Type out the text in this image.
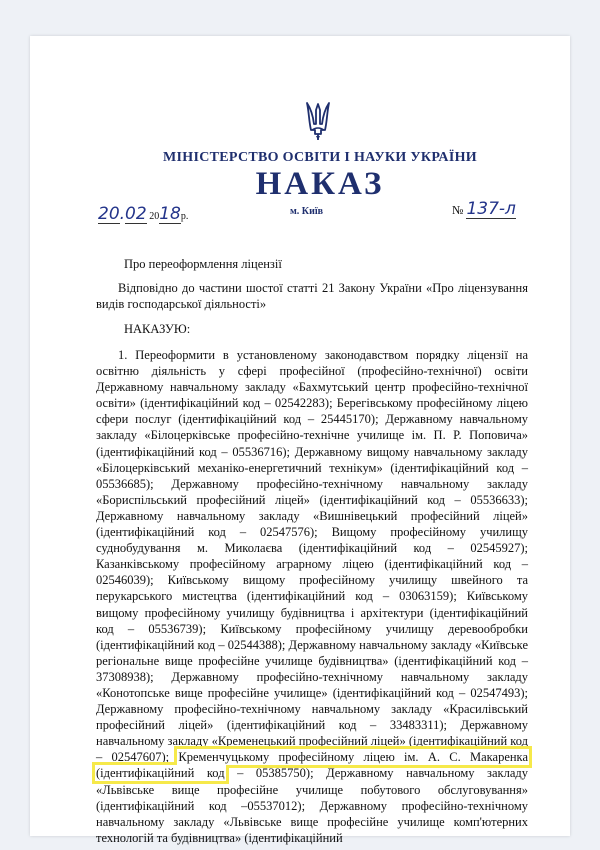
МІНІСТЕРСТВО ОСВІТИ І НАУКИ УКРАЇНИ
НАКАЗ
20.02 2018р.	м. Київ	№ 137-л
Про переоформлення ліцензії
Відповідно до частини шостої статті 21 Закону України «Про ліцензування видів господарської діяльності»
НАКАЗУЮ:
1. Переоформити в установленому законодавством порядку ліцензії на освітню діяльність у сфері професійної (професійно-технічної) освіти Державному навчальному закладу «Бахмутський центр професійно-технічної освіти» (ідентифікаційний код – 02542283); Берегівському професійному ліцею сфери послуг (ідентифікаційний код – 25445170); Державному навчальному закладу «Білоцерківське професійно-технічне училище ім. П. Р. Поповича» (ідентифікаційний код – 05536716); Державному вищому навчальному закладу «Білоцерківський механіко-енергетичний технікум» (ідентифікаційний код – 05536685); Державному професійно-технічному навчальному закладу «Бориспільський професійний ліцей» (ідентифікаційний код – 05536633); Державному навчальному закладу «Вишнівецький професійний ліцей» (ідентифікаційний код – 02547576); Вищому професійному училищу суднобудування м. Миколаєва (ідентифікаційний код – 02545927); Казанківському професійному аграрному ліцею (ідентифікаційний код – 02546039); Київському вищому професійному училищу швейного та перукарського мистецтва (ідентифікаційний код – 03063159); Київському вищому професійному училищу будівництва і архітектури (ідентифікаційний код – 05536739); Київському професійному училищу деревообробки (ідентифікаційний код – 02544388); Державному навчальному закладу «Київське регіональне вище професійне училище будівництва» (ідентифікаційний код – 37308938); Державному професійно-технічному навчальному закладу «Конотопське вище професійне училище» (ідентифікаційний код – 02547493); Державному професійно-технічному навчальному закладу «Красилівський професійний ліцей» (ідентифікаційний код – 33483311); Державному навчальному закладу «Кременецький професійний ліцей» (ідентифікаційний код – 02547607); Кременчуцькому професійному ліцею ім. А. С. Макаренка (ідентифікаційний код – 05385750); Державному навчальному закладу «Львівське вище професійне училище побутового обслуговування» (ідентифікаційний код –05537012); Державному професійно-технічному навчальному закладу «Львівське вище професійне училище комп'ютерних технологій та будівництва» (ідентифікаційний
